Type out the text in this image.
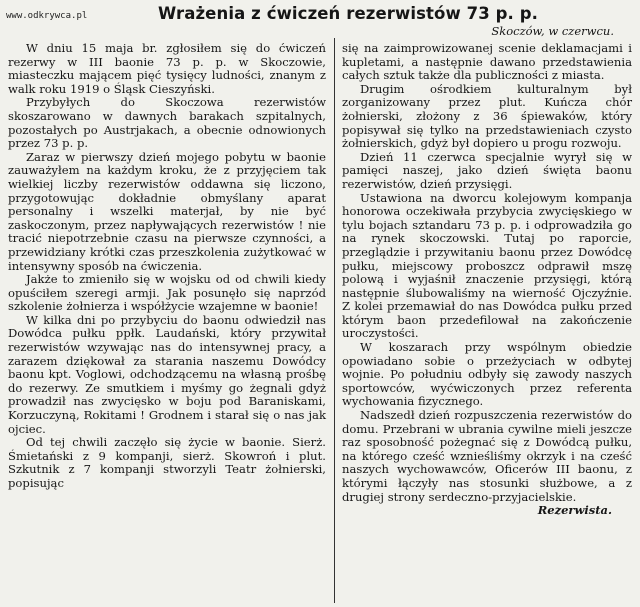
www.odkrywca.pl	Wrażenia z ćwiczeń rezerwistów 73 p. p.
Skoczów, w czerwcu.

W dniu 15 maja br. zgłosiłem się do ćwiczeń rezerwy w III baonie 73 p. p. w Skoczowie, miasteczku mającem pięć tysięcy ludności, znanym z walk roku 1919 o Śląsk Cieszyński.

Przybyłych do Skoczowa rezerwistów skoszarowano w dawnych barakach szpitalnych, pozostałych po Austrjakach, a obecnie odnowionych przez 73 p. p.

Zaraz w pierwszy dzień mojego pobytu w baonie zauważyłem na każdym kroku, że z przyjęciem tak wielkiej liczby rezerwistów oddawna się liczono, przygotowując dokładnie obmyślany aparat personalny i wszelki materjał, by nie być zaskoczonym, przez napływających rezerwistów ! nie tracić niepotrzebnie czasu na pierwsze czynności, a przewidziany krótki czas przeszkolenia zużytkować w intensywny sposób na ćwiczenia.

Jakże to zmieniło się w wojsku od od chwili kiedy opuściłem szeregi armji. Jak posunęło się naprzód szkolenie żołnierza i współżycie wzajemne w baonie!

W kilka dni po przybyciu do baonu odwiedził nas Dowódca pułku ppłk. Laudański, który przywitał rezerwistów wzywając nas do intensywnej pracy, a zarazem dziękował za starania naszemu Dowódcy baonu kpt. Voglowi, odchodzącemu na własną prośbę do rezerwy. Ze smutkiem i myśmy go żegnali gdyż prowadził nas zwycięsko w boju pod Baraniskami, Korzuczyną, Rokitami ! Grodnem i starał się o nas jak ojciec.

Od tej chwili zaczęło się życie w baonie. Sierż. Śmietański z 9 kompanji, sierż. Skowroń i plut. Szkutnik z 7 kompanji stworzyli Teatr żołnierski, popisując

się na zaimprowizowanej scenie deklamacjami i kupletami, a następnie dawano przedstawienia całych sztuk także dla publiczności z miasta.

Drugim ośrodkiem kulturalnym był zorganizowany przez plut. Kuńcza chór żołnierski, złożony z 36 śpiewaków, który popisywał się tylko na przedstawieniach czysto żołnierskich, gdyż był dopiero u progu rozwoju.

Dzień 11 czerwca specjalnie wyrył się w pamięci naszej, jako dzień święta baonu rezerwistów, dzień przysięgi.

Ustawiona na dworcu kolejowym kompanja honorowa oczekiwała przybycia zwycięskiego w tylu bojach sztandaru 73 p. p. i odprowadziła go na rynek skoczowski. Tutaj po raporcie, przeglądzie i przywitaniu baonu przez Dowódcę pułku, miejscowy proboszcz odprawił mszę polową i wyjaśnił znaczenie przysięgi, którą następnie ślubowaliśmy na wierność Ojczyźnie. Z kolei przemawiał do nas Dowódca pułku przed którym baon przedefilował na zakończenie uroczystości.

W koszarach przy wspólnym obiedzie opowiadano sobie o przeżyciach w odbytej wojnie. Po południu odbyły się zawody naszych sportowców, wyćwiczonych przez referenta wychowania fizycznego.

Nadszedł dzień rozpuszczenia rezerwistów do domu. Przebrani w ubrania cywilne mieli jeszcze raz sposobność pożegnać się z Dowódcą pułku, na którego cześć wznieśliśmy okrzyk i na cześć naszych wychowawców, Oficerów III baonu, z którymi łączyły nas stosunki służbowe, a z drugiej strony serdeczno-przyjacielskie.

Rezerwista.
